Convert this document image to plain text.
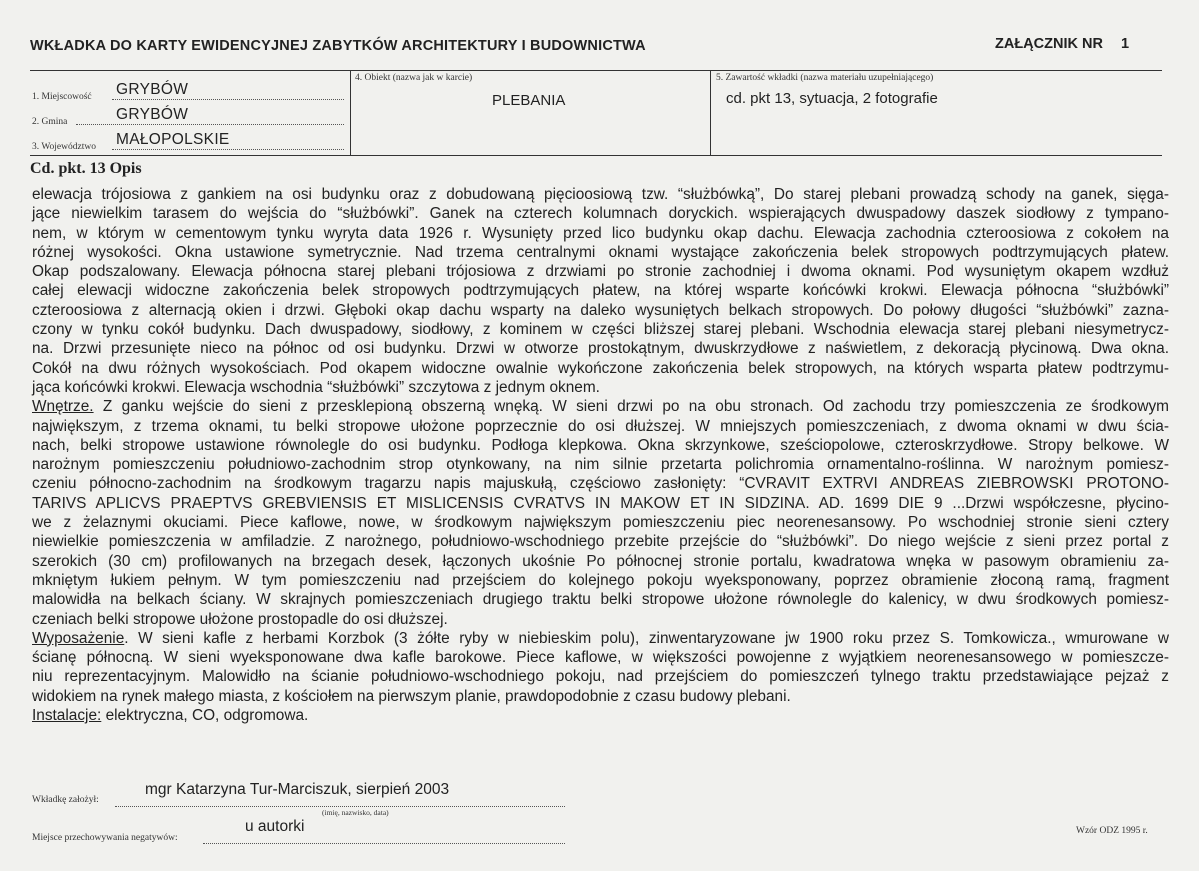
WKŁADKA DO KARTY EWIDENCYJNEJ ZABYTKÓW ARCHITEKTURY I BUDOWNICTWA	ZAŁĄCZNIK NR 1
1. Miejscowość GRYBÓW
2. Gmina	GRYBÓW
3. Województwo MAŁOPOLSKIE
4. Obiekt (nazwa jak w karcie)
PLEBANIA
5. Zawartość wkładki (nazwa materiału uzupełniającego)
cd. pkt 13, sytuacja, 2 fotografie
Cd. pkt. 13 Opis
elewacja trójosiowa z gankiem na osi budynku oraz z dobudowaną pięcioosiową tzw. “służbówką”, Do starej plebani prowadzą schody na ganek, sięga-
jące niewielkim tarasem do wejścia do “służbówki”. Ganek na czterech kolumnach doryckich. wspierających dwuspadowy daszek siodłowy z tympano-
nem, w którym w cementowym tynku wyryta data 1926 r. Wysunięty przed lico budynku okap dachu. Elewacja zachodnia czteroosiowa z cokołem na
różnej wysokości. Okna ustawione symetrycznie. Nad trzema centralnymi oknami wystające zakończenia belek stropowych podtrzymujących płatew.
Okap podszalowany. Elewacja północna starej plebani trójosiowa z drzwiami po stronie zachodniej i dwoma oknami. Pod wysuniętym okapem wzdłuż
całej elewacji widoczne zakończenia belek stropowych podtrzymujących płatew, na której wsparte końcówki krokwi. Elewacja północna “służbówki”
czteroosiowa z alternacją okien i drzwi. Głęboki okap dachu wsparty na daleko wysuniętych belkach stropowych. Do połowy długości “służbówki” zazna-
czony w tynku cokół budynku. Dach dwuspadowy, siodłowy, z kominem w części bliższej starej plebani. Wschodnia elewacja starej plebani niesymetrycz-
na. Drzwi przesunięte nieco na północ od osi budynku. Drzwi w otworze prostokątnym, dwuskrzydłowe z naświetlem, z dekoracją płycinową. Dwa okna.
Cokół na dwu różnych wysokościach. Pod okapem widoczne owalnie wykończone zakończenia belek stropowych, na których wsparta płatew podtrzymu-
jąca końcówki krokwi. Elewacja wschodnia “służbówki” szczytowa z jednym oknem.
Wnętrze. Z ganku wejście do sieni z przesklepioną obszerną wnęką. W sieni drzwi po na obu stronach. Od zachodu trzy pomieszczenia ze środkowym
największym, z trzema oknami, tu belki stropowe ułożone poprzecznie do osi dłuższej. W mniejszych pomieszczeniach, z dwoma oknami w dwu ścia-
nach, belki stropowe ustawione równolegle do osi budynku. Podłoga klepkowa. Okna skrzynkowe, sześciopolowe, czteroskrzydłowe. Stropy belkowe. W
narożnym pomieszczeniu południowo-zachodnim strop otynkowany, na nim silnie przetarta polichromia ornamentalno-roślinna. W narożnym pomiesz-
czeniu północno-zachodnim na środkowym tragarzu napis majuskułą, częściowo zasłonięty: “CVRAVIT EXTRVI ANDREAS ZIEBROWSKI PROTONO-
TARIVS APLICVS PRAEPTVS GREBVIENSIS ET MISLICENSIS CVRATVS IN MAKOW ET IN SIDZINA. AD. 1699 DIE 9 ...Drzwi współczesne, płycino-
we z żelaznymi okuciami. Piece kaflowe, nowe, w środkowym największym pomieszczeniu piec neorenesansowy. Po wschodniej stronie sieni cztery
niewielkie pomieszczenia w amfiladzie. Z narożnego, południowo-wschodniego przebite przejście do “służbówki”. Do niego wejście z sieni przez portal z
szerokich (30 cm) profilowanych na brzegach desek, łączonych ukośnie Po północnej stronie portalu, kwadratowa wnęka w pasowym obramieniu za-
mkniętym łukiem pełnym. W tym pomieszczeniu nad przejściem do kolejnego pokoju wyeksponowany, poprzez obramienie złoconą ramą, fragment
malowidła na belkach ściany. W skrajnych pomieszczeniach drugiego traktu belki stropowe ułożone równolegle do kalenicy, w dwu środkowych pomiesz-
czeniach belki stropowe ułożone prostopadle do osi dłuższej.
Wyposażenie. W sieni kafle z herbami Korzbok (3 żółte ryby w niebieskim polu), zinwentaryzowane jw 1900 roku przez S. Tomkowicza., wmurowane w
ścianę północną. W sieni wyeksponowane dwa kafle barokowe. Piece kaflowe, w większości powojenne z wyjątkiem neorenesansowego w pomieszcze-
niu reprezentacyjnym. Malowidło na ścianie południowo-wschodniego pokoju, nad przejściem do pomieszczeń tylnego traktu przedstawiające pejzaż z
widokiem na rynek małego miasta, z kościołem na pierwszym planie, prawdopodobnie z czasu budowy plebani.
Instalacje: elektryczna, CO, odgromowa.
Wkładkę założył:
mgr Katarzyna Tur-Marciszuk, sierpień 2003
(imię, nazwisko, data)
Miejsce przechowywania negatywów:
u autorki	Wzór ODZ 1995 r.
